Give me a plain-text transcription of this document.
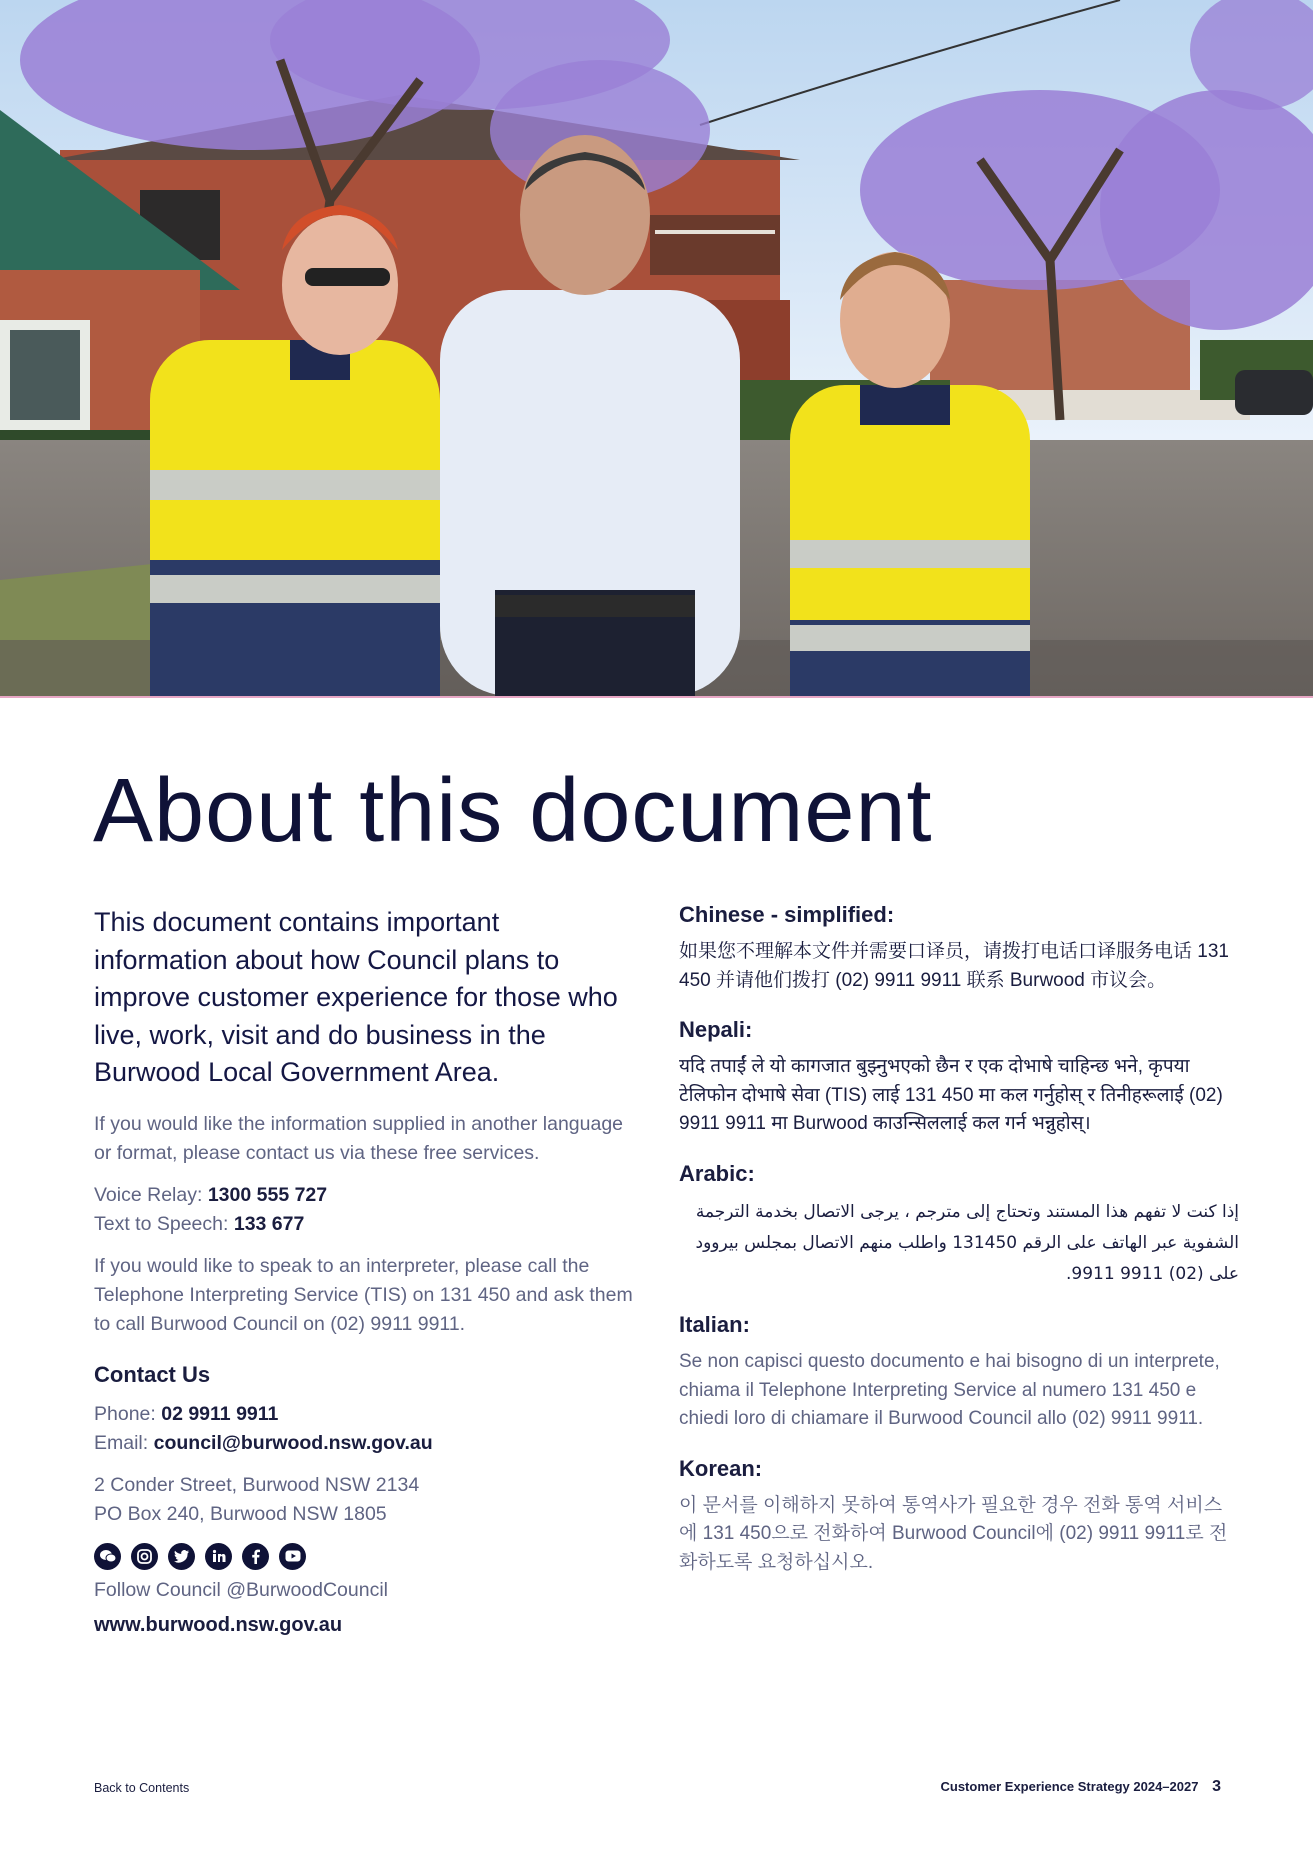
About this document

This document contains important information about how Council plans to improve customer experience for those who live, work, visit and do business in the Burwood Local Government Area.

If you would like the information supplied in another language or format, please contact us via these free services.

Voice Relay: 1300 555 727
Text to Speech: 133 677

If you would like to speak to an interpreter, please call the Telephone Interpreting Service (TIS) on 131 450 and ask them to call Burwood Council on (02) 9911 9911.

Contact Us

Phone: 02 9911 9911
Email: council@burwood.nsw.gov.au

2 Conder Street, Burwood NSW 2134
PO Box 240, Burwood NSW 1805

Follow Council @BurwoodCouncil

www.burwood.nsw.gov.au
Chinese - simplified:

如果您不理解本文件并需要口译员，请拨打电话口译服务电话 131 450 并请他们拨打 (02) 9911 9911 联系 Burwood 市议会。

Nepali:

यदि तपाईं ले यो कागजात बुझ्नुभएको छैन र एक दोभाषे चाहिन्छ भने, कृपया टेलिफोन दोभाषे सेवा (TIS) लाई 131 450 मा कल गर्नुहोस् र तिनीहरूलाई (02) 9911 9911 मा Burwood काउन्सिललाई कल गर्न भन्नुहोस्।

Arabic:

إذا كنت لا تفهم هذا المستند وتحتاج إلى مترجم ، يرجى الاتصال بخدمة الترجمة الشفوية عبر الهاتف على الرقم 131450 واطلب منهم الاتصال بمجلس بيروود على (02) 9911 9911.

Italian:

Se non capisci questo documento e hai bisogno di un interprete, chiama il Telephone Interpreting Service al numero 131 450 e chiedi loro di chiamare il Burwood Council allo (02) 9911 9911.

Korean:

이 문서를 이해하지 못하여 통역사가 필요한 경우 전화 통역 서비스에 131 450으로 전화하여 Burwood Council에 (02) 9911 9911로 전화하도록 요청하십시오.

Back to Contents	Customer Experience Strategy 2024–2027 3
